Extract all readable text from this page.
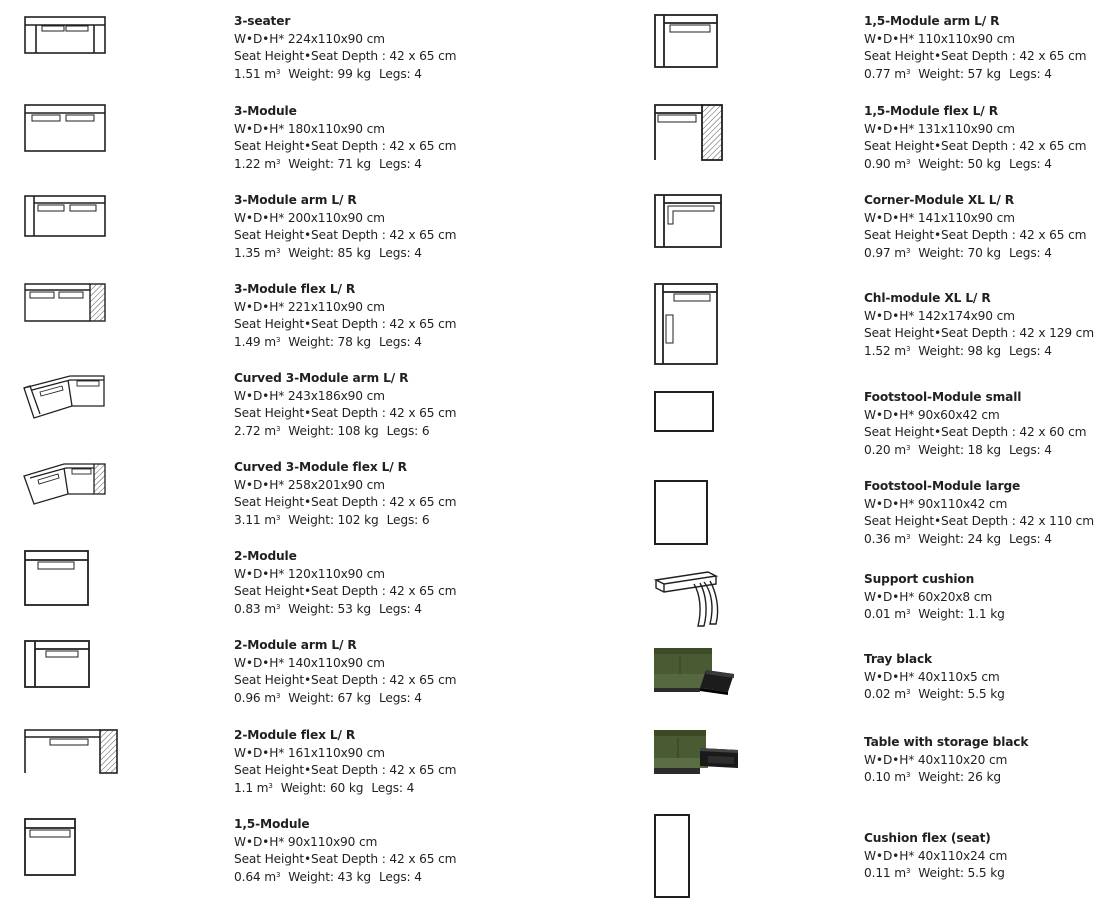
3-seater
W•D•H* 224x110x90 cm
Seat Height•Seat Depth : 42 x 65 cm
1.51 $m^3$ Weight: 99 kg Legs: 4
3-Module
W•D•H* 180x110x90 cm
Seat Height•Seat Depth : 42 x 65 cm
1.22 $m^3$ Weight: 71 kg Legs: 4
3-Module arm L/ R
W•D•H* 200x110x90 cm
Seat Height•Seat Depth : 42 x 65 cm
1.35 $m^3$ Weight: 85 kg Legs: 4
3-Module flex L/ R
W•D•H* 221x110x90 cm
Seat Height•Seat Depth : 42 x 65 cm
1.49 $m^3$ Weight: 78 kg Legs: 4
Curved 3-Module arm L/ R
W•D•H* 243x186x90 cm
Seat Height•Seat Depth : 42 x 65 cm
2.72 $m^3$ Weight: 108 kg Legs: 6
Curved 3-Module flex L/ R
W•D•H* 258x201x90 cm
Seat Height•Seat Depth : 42 x 65 cm
3.11 $m^3$ Weight: 102 kg Legs: 6
2-Module
W•D•H* 120x110x90 cm
Seat Height•Seat Depth : 42 x 65 cm
0.83 $m^3$ Weight: 53 kg Legs: 4
2-Module arm L/ R
W•D•H* 140x110x90 cm
Seat Height•Seat Depth : 42 x 65 cm
0.96 $m^3$ Weight: 67 kg Legs: 4
2-Module flex L/ R
W•D•H* 161x110x90 cm
Seat Height•Seat Depth : 42 x 65 cm
1.1 $m^3$ Weight: 60 kg Legs: 4
1,5-Module
W•D•H* 90x110x90 cm
Seat Height•Seat Depth : 42 x 65 cm
0.64 $m^3$ Weight: 43 kg Legs: 4
1,5-Module arm L/ R
W•D•H* 110x110x90 cm
Seat Height•Seat Depth : 42 x 65 cm
0.77 $m^3$ Weight: 57 kg Legs: 4
1,5-Module flex L/ R
W•D•H* 131x110x90 cm
Seat Height•Seat Depth : 42 x 65 cm
0.90 $m^3$ Weight: 50 kg Legs: 4
Corner-Module XL L/ R
W•D•H* 141x110x90 cm
Seat Height•Seat Depth : 42 x 65 cm
0.97 $m^3$ Weight: 70 kg Legs: 4
Chl-module XL L/ R
W•D•H* 142x174x90 cm
Seat Height•Seat Depth : 42 x 129 cm
1.52 $m^3$ Weight: 98 kg Legs: 4
Footstool-Module small
W•D•H* 90x60x42 cm
Seat Height•Seat Depth : 42 x 60 cm
0.20 $m^3$ Weight: 18 kg Legs: 4
Footstool-Module large
W•D•H* 90x110x42 cm
Seat Height•Seat Depth : 42 x 110 cm
0.36 $m^3$ Weight: 24 kg Legs: 4
Support cushion
W•D•H* 60x20x8 cm
0.01 $m^3$ Weight: 1.1 kg
Tray black
W•D•H* 40x110x5 cm
0.02 $m^3$ Weight: 5.5 kg
Table with storage black
W•D•H* 40x110x20 cm
0.10 $m^3$ Weight: 26 kg
Cushion flex (seat)
W•D•H* 40x110x24 cm
0.11 $m^3$ Weight: 5.5 kg
